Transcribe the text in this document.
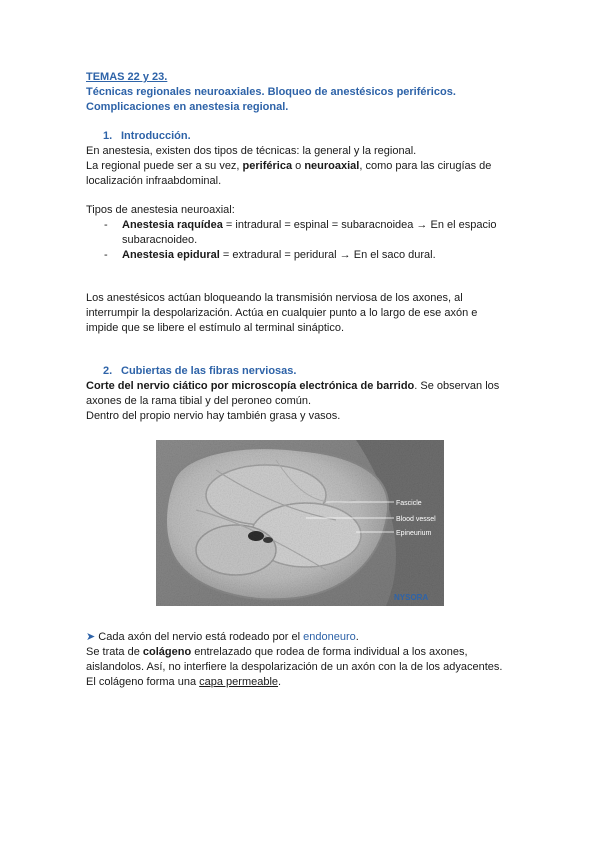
TEMAS 22 y 23.
Técnicas regionales neuroaxiales. Bloqueo de anestésicos periféricos.
Complicaciones en anestesia regional.
1. Introducción.
En anestesia, existen dos tipos de técnicas: la general y la regional.
La regional puede ser a su vez, periférica o neuroaxial, como para las cirugías de
localización infraabdominal.
Tipos de anestesia neuroaxial:
- Anestesia raquídea = intradural = espinal = subaracnoidea → En el espacio
subaracnoideo.
- Anestesia epidural = extradural = peridural → En el saco dural.
Los anestésicos actúan bloqueando la transmisión nerviosa de los axones, al
interrumpir la despolarización. Actúa en cualquier punto a lo largo de ese axón e
impide que se libere el estímulo al terminal sináptico.
2. Cubiertas de las fibras nerviosas.
Corte del nervio ciático por microscopía electrónica de barrido. Se observan los
axones de la rama tibial y del peroneo común.
Dentro del propio nervio hay también grasa y vasos.
Fascicle
Blood vessel
Epineurium
NYSORA
➤ Cada axón del nervio está rodeado por el endoneuro.
Se trata de colágeno entrelazado que rodea de forma individual a los axones,
aislandolos. Así, no interfiere la despolarización de un axón con la de los adyacentes.
El colágeno forma una capa permeable.
